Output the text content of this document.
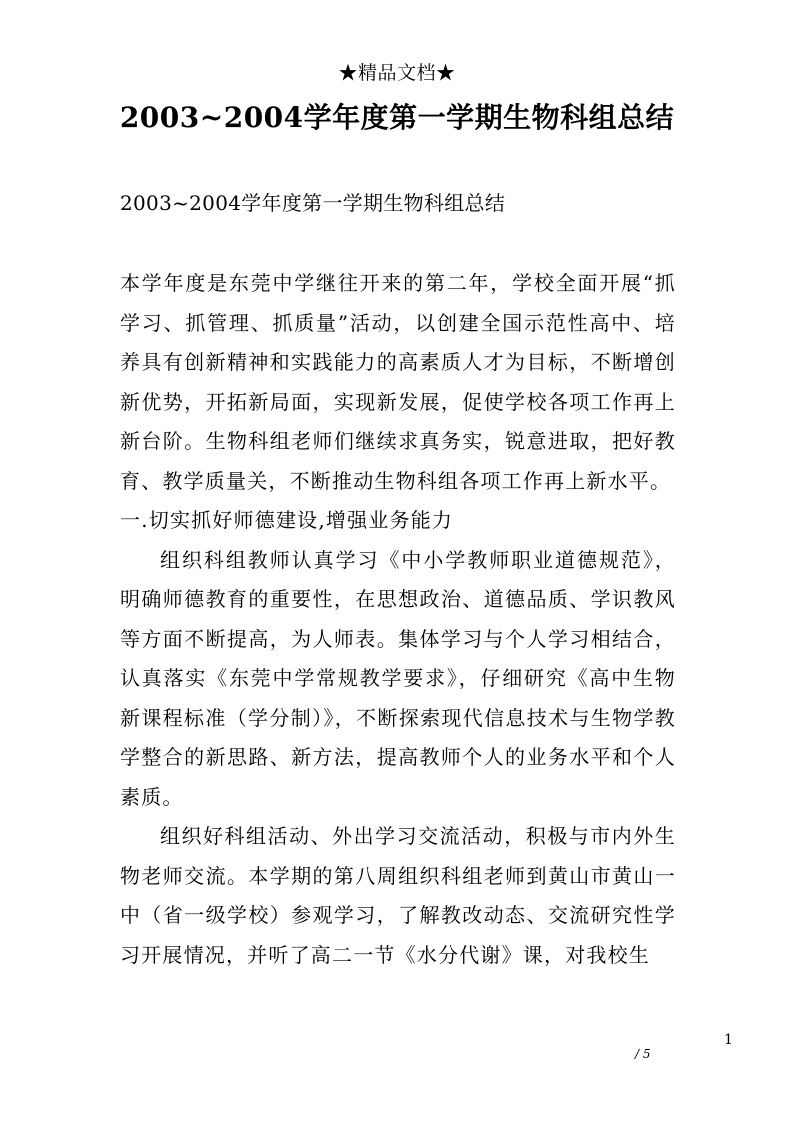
★精品文档★
2003~2004学年度第一学期生物科组总结
2003~2004学年度第一学期生物科组总结

本学年度是东莞中学继往开来的第二年，学校全面开展“抓学习、抓管理、抓质量”活动，以创建全国示范性高中、培养具有创新精神和实践能力的高素质人才为目标，不断增创新优势，开拓新局面，实现新发展，促使学校各项工作再上新台阶。生物科组老师们继续求真务实，锐意进取，把好教育、教学质量关，不断推动生物科组各项工作再上新水平。

一.切实抓好师德建设,增强业务能力

组织科组教师认真学习《中小学教师职业道德规范》，明确师德教育的重要性，在思想政治、道德品质、学识教风等方面不断提高，为人师表。集体学习与个人学习相结合，认真落实《东莞中学常规教学要求》，仔细研究《高中生物新课程标准（学分制）》，不断探索现代信息技术与生物学教学整合的新思路、新方法，提高教师个人的业务水平和个人素质。

组织好科组活动、外出学习交流活动，积极与市内外生物老师交流。本学期的第八周组织科组老师到黄山市黄山一中（省一级学校）参观学习，了解教改动态、交流研究性学习开展情况，并听了高二一节《水分代谢》课，对我校生

1
/ 5
